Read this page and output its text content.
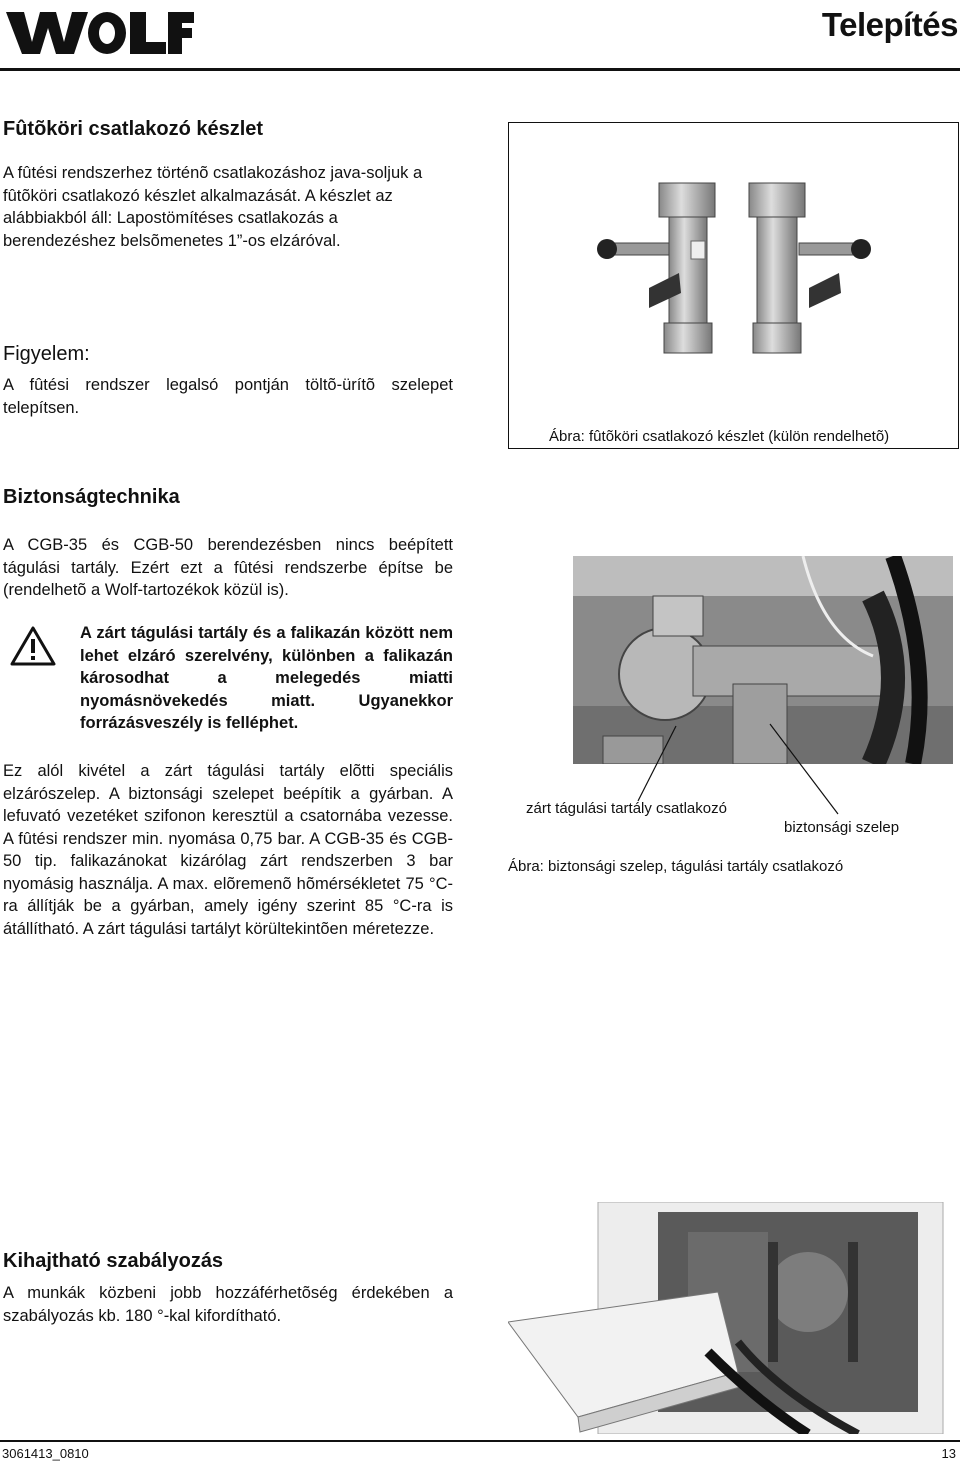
Telepítés
Fûtõköri csatlakozó készlet

A fûtési rendszerhez történõ csatlakozáshoz java-soljuk a fûtõköri csatlakozó készlet alkalmazását. A készlet az alábbiakból áll: Lapostömítéses csatlakozás a berendezéshez belsõmenetes 1”-os elzáróval.

Figyelem:

A fûtési rendszer legalsó pontján töltõ-ürítõ szelepet telepítsen.

Ábra: fûtõköri csatlakozó készlet (külön rendelhetõ)
Biztonságtechnika

A CGB-35 és CGB-50 berendezésben nincs beépített tágulási tartály. Ezért ezt a fûtési rendszerbe építse be (rendelhetõ a Wolf-tartozékok közül is).

A zárt tágulási tartály és a falikazán között nem lehet elzáró szerelvény, különben a falikazán károsodhat a melegedés miatti nyomásnövekedés miatt. Ugyanekkor forrázásveszély is felléphet.

Ez alól kivétel a zárt tágulási tartály elõtti speciális elzárószelep. A biztonsági szelepet beépítik a gyárban. A lefuvató vezetéket szifonon keresztül a csatornába vezesse. A fûtési rendszer min. nyomása 0,75 bar. A CGB-35 és CGB-50 tip. falikazánokat kizárólag zárt rendszerben 3 bar nyomásig használja. A max. elõremenõ hõmérsékletet 75 °C-ra állítják be a gyárban, amely igény szerint 85 °C-ra is átállítható. A zárt tágulási tartályt körültekintõen méretezze.

zárt tágulási tartály csatlakozó
biztonsági szelep
Ábra: biztonsági szelep, tágulási tartály csatlakozó
Kihajtható szabályozás

A munkák közbeni jobb hozzáférhetõség érdekében a szabályozás kb. 180 °-kal kifordítható.

3061413_0810	13
